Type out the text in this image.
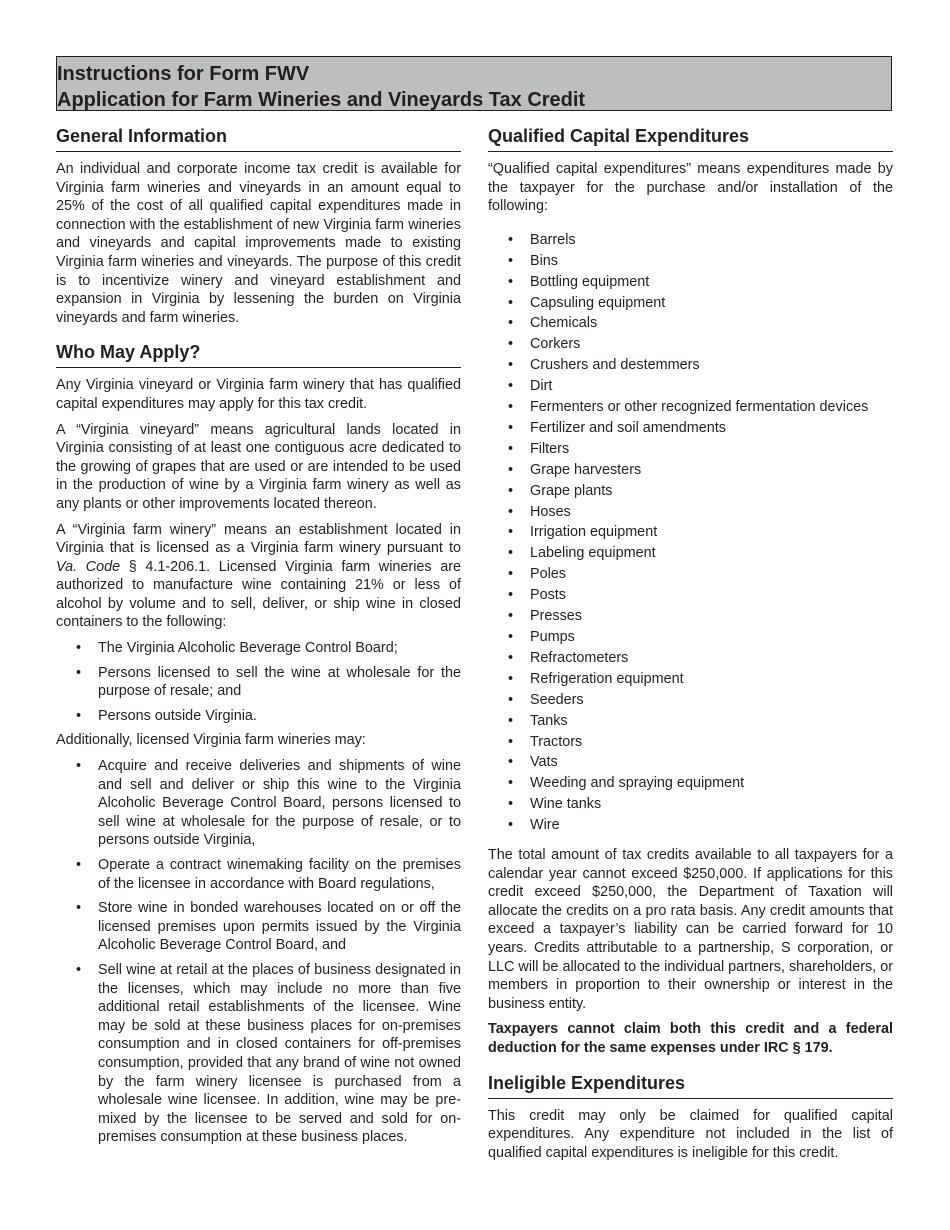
Instructions for Form FWV

Application for Farm Wineries and Vineyards Tax Credit

General Information

An individual and corporate income tax credit is available for Virginia farm wineries and vineyards in an amount equal to 25% of the cost of all qualified capital expenditures made in connection with the establishment of new Virginia farm wineries and vineyards and capital improvements made to existing Virginia farm wineries and vineyards. The purpose of this credit is to incentivize winery and vineyard establishment and expansion in Virginia by lessening the burden on Virginia vineyards and farm wineries.

Who May Apply?

Any Virginia vineyard or Virginia farm winery that has qualified capital expenditures may apply for this tax credit.

A “Virginia vineyard” means agricultural lands located in Virginia consisting of at least one contiguous acre dedicated to the growing of grapes that are used or are intended to be used in the production of wine by a Virginia farm winery as well as any plants or other improvements located thereon.

A “Virginia farm winery” means an establishment located in Virginia that is licensed as a Virginia farm winery pursuant to Va. Code § 4.1-206.1. Licensed Virginia farm wineries are authorized to manufacture wine containing 21% or less of alcohol by volume and to sell, deliver, or ship wine in closed containers to the following:

• The Virginia Alcoholic Beverage Control Board;
• Persons licensed to sell the wine at wholesale for the purpose of resale; and
• Persons outside Virginia.

Additionally, licensed Virginia farm wineries may:

• Acquire and receive deliveries and shipments of wine and sell and deliver or ship this wine to the Virginia Alcoholic Beverage Control Board, persons licensed to sell wine at wholesale for the purpose of resale, or to persons outside Virginia,
• Operate a contract winemaking facility on the premises of the licensee in accordance with Board regulations,
• Store wine in bonded warehouses located on or off the licensed premises upon permits issued by the Virginia Alcoholic Beverage Control Board, and
• Sell wine at retail at the places of business designated in the licenses, which may include no more than five additional retail establishments of the licensee. Wine may be sold at these business places for on-premises consumption and in closed containers for off-premises consumption, provided that any brand of wine not owned by the farm winery licensee is purchased from a wholesale wine licensee. In addition, wine may be pre-mixed by the licensee to be served and sold for on-premises consumption at these business places.
Qualified Capital Expenditures

“Qualified capital expenditures” means expenditures made by the taxpayer for the purchase and/or installation of the following:

• Barrels
• Bins
• Bottling equipment
• Capsuling equipment
• Chemicals
• Corkers
• Crushers and destemmers
• Dirt
• Fermenters or other recognized fermentation devices
• Fertilizer and soil amendments
• Filters
• Grape harvesters
• Grape plants
• Hoses
• Irrigation equipment
• Labeling equipment
• Poles
• Posts
• Presses
• Pumps
• Refractometers
• Refrigeration equipment
• Seeders
• Tanks
• Tractors
• Vats
• Weeding and spraying equipment
• Wine tanks
• Wire

The total amount of tax credits available to all taxpayers for a calendar year cannot exceed $250,000. If applications for this credit exceed $250,000, the Department of Taxation will allocate the credits on a pro rata basis. Any credit amounts that exceed a taxpayer’s liability can be carried forward for 10 years. Credits attributable to a partnership, S corporation, or LLC will be allocated to the individual partners, shareholders, or members in proportion to their ownership or interest in the business entity.

Taxpayers cannot claim both this credit and a federal deduction for the same expenses under IRC § 179.

Ineligible Expenditures

This credit may only be claimed for qualified capital expenditures. Any expenditure not included in the list of qualified capital expenditures is ineligible for this credit.
